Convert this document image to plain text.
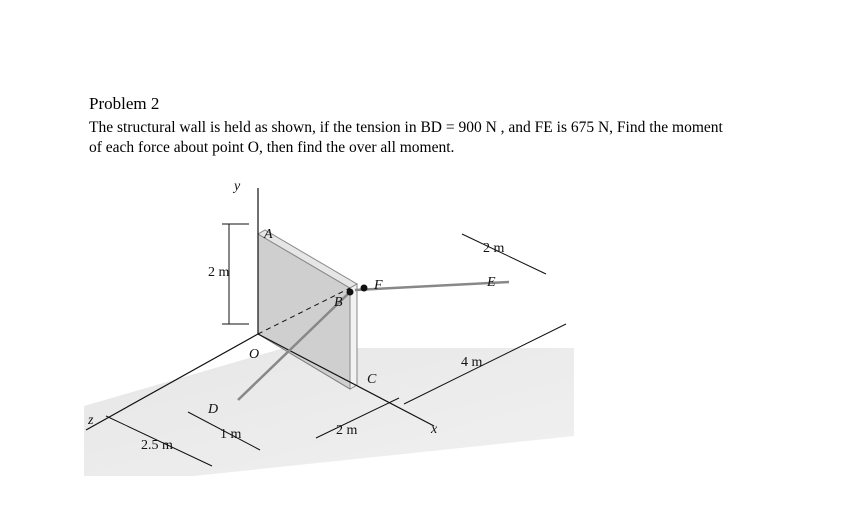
Problem 2
The structural wall is held as shown, if the tension in BD = 900 N , and FE is 675 N, Find the moment
of each force about point O, then find the over all moment.
y
x
z
A
B
C
D
E
F
O
2 m
2 m
4 m
2 m
1 m
2.5 m
